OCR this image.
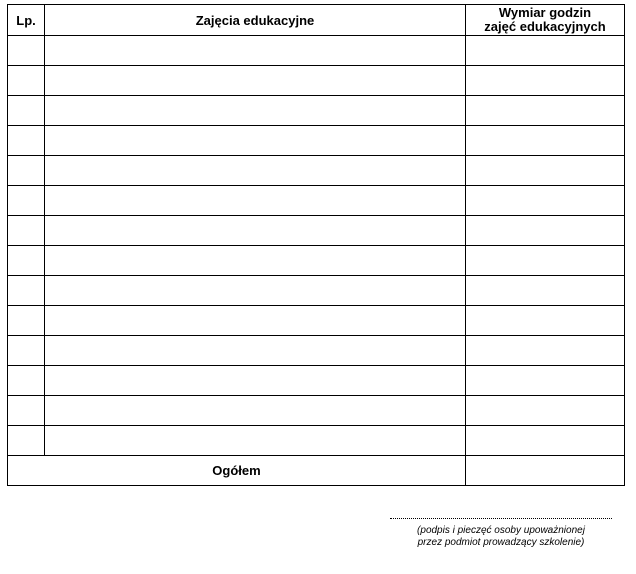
Lp.	Zajęcia edukacyjne	Wymiar godzin
zajęć edukacyjnych

Ogółem		
(podpis i pieczęć osoby upoważnionej
przez podmiot prowadzący szkolenie)
